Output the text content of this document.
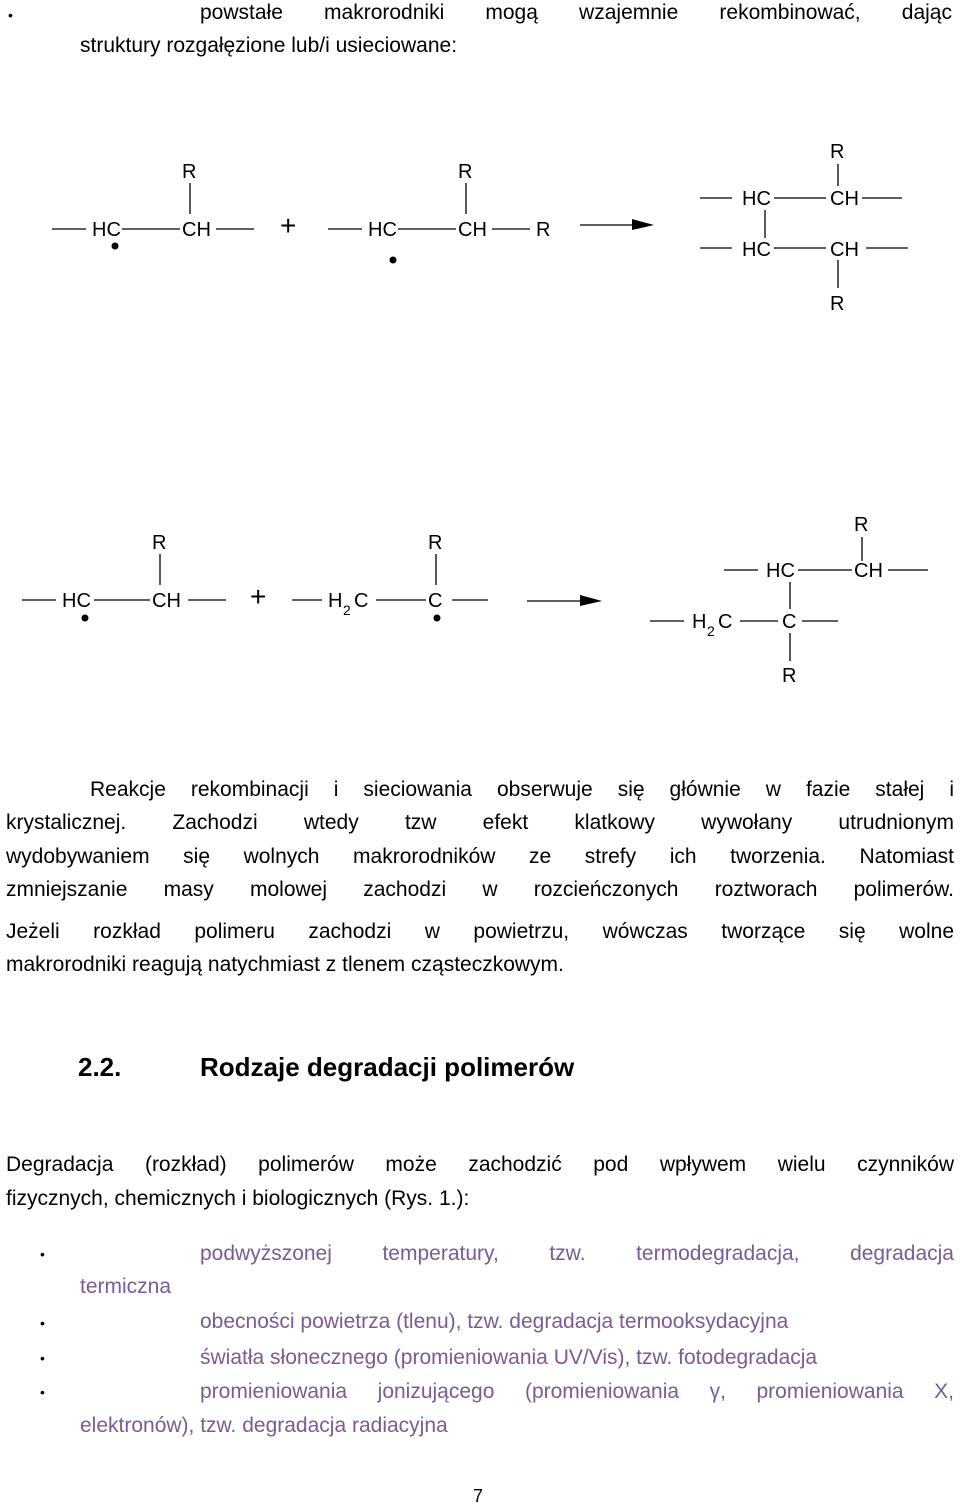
•	powstałe makrorodniki mogą wzajemnie rekombinować, dając
struktury rozgałęzione lub/i usieciowane:
HC
R
CH +	HC
R
CH R
R
HC	CH
HC	CH
R
HC
R
CH +	H 2 C
R
C
R
HC	CH
H 2 C C
R
Reakcje rekombinacji i sieciowania obserwuje się głównie w fazie stałej i
krystalicznej. Zachodzi wtedy tzw efekt klatkowy wywołany utrudnionym
wydobywaniem się wolnych makrorodników ze strefy ich tworzenia. Natomiast
zmniejszanie masy molowej zachodzi w rozcieńczonych roztworach polimerów.
Jeżeli rozkład polimeru zachodzi w powietrzu, wówczas tworzące się wolne
makrorodniki reagują natychmiast z tlenem cząsteczkowym.
2.2.	Rodzaje degradacji polimerów
Degradacja (rozkład) polimerów może zachodzić pod wpływem wielu czynników
fizycznych, chemicznych i biologicznych (Rys. 1.):
•	podwyższonej temperatury, tzw. termodegradacja, degradacja
termiczna
•	obecności powietrza (tlenu), tzw. degradacja termooksydacyjna
•	światła słonecznego (promieniowania UV/Vis), tzw. fotodegradacja
•	promieniowania jonizującego (promieniowania γ, promieniowania X,
elektronów), tzw. degradacja radiacyjna
7
